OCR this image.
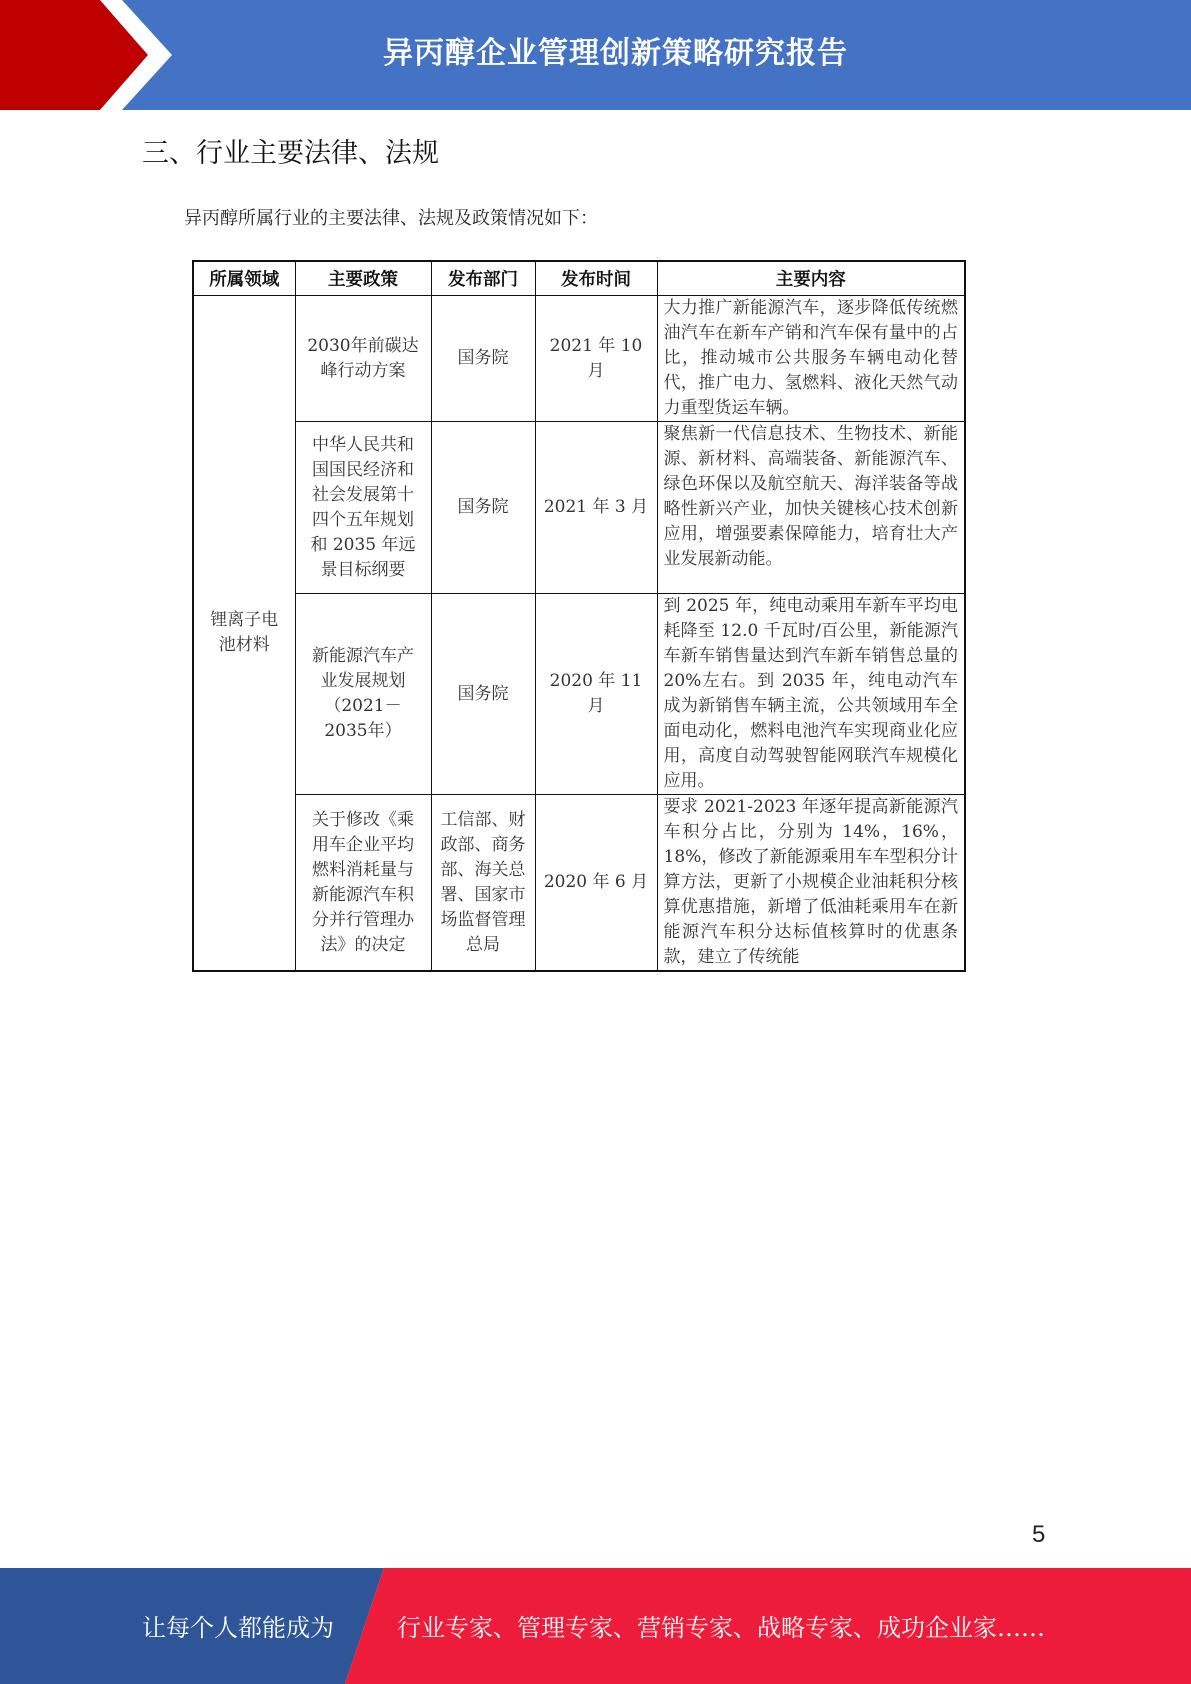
异丙醇企业管理创新策略研究报告
三、行业主要法律、法规
异丙醇所属行业的主要法律、法规及政策情况如下：
所属领域	主要政策	发布部门	发布时间	主要内容
锂离子电池材料	2030年前碳达峰行动方案	国务院	2021 年 10 月	大力推广新能源汽车，逐步降低传统燃油汽车在新车产销和汽车保有量中的占比，推动城市公共服务车辆电动化替代，推广电力、氢燃料、液化天然气动力重型货运车辆。
	中华人民共和国国民经济和社会发展第十四个五年规划和 2035 年远景目标纲要	国务院	2021 年 3 月	聚焦新一代信息技术、生物技术、新能源、新材料、高端装备、新能源汽车、绿色环保以及航空航天、海洋装备等战略性新兴产业，加快关键核心技术创新应用，增强要素保障能力，培育壮大产业发展新动能。
	新能源汽车产业发展规划（2021－2035年）	国务院	2020 年 11 月	到 2025 年，纯电动乘用车新车平均电耗降至 12.0 千瓦时/百公里，新能源汽车新车销售量达到汽车新车销售总量的 20%左右。到 2035 年，纯电动汽车成为新销售车辆主流，公共领域用车全面电动化，燃料电池汽车实现商业化应用，高度自动驾驶智能网联汽车规模化应用。
	关于修改《乘用车企业平均燃料消耗量与新能源汽车积分并行管理办法》的决定	工信部、财政部、商务部、海关总署、国家市场监督管理总局	2020 年 6 月	要求 2021-2023 年逐年提高新能源汽车积分占比，分别为 14%，16%，18%，修改了新能源乘用车车型积分计算方法，更新了小规模企业油耗积分核算优惠措施，新增了低油耗乘用车在新能源汽车积分达标值核算时的优惠条款，建立了传统能
5
让每个人都能成为	行业专家、管理专家、营销专家、战略专家、成功企业家……
